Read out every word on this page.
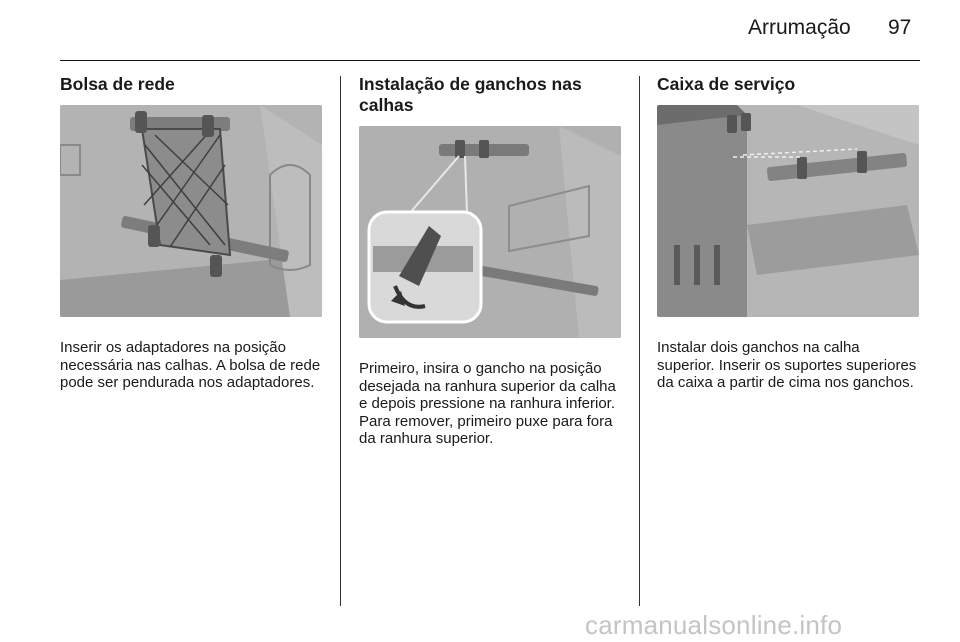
Arrumação 97
Bolsa de rede

Inserir os adaptadores na posição necessária nas calhas. A bolsa de rede pode ser pendurada nos adaptadores.

Instalação de ganchos nas calhas

Primeiro, insira o gancho na posição desejada na ranhura superior da calha e depois pressione na ranhura inferior. Para remover, primeiro puxe para fora da ranhura superior.

Caixa de serviço

Instalar dois ganchos na calha superior. Inserir os suportes superiores da caixa a partir de cima nos ganchos.

carmanualsonline.info
